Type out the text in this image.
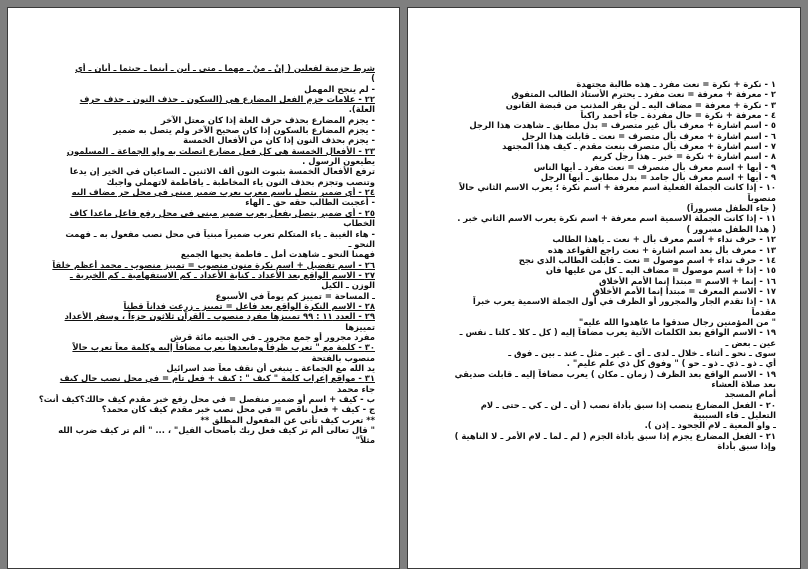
شرط جزمية لفعلين ( إنْ ـ منْ ـ مهما ـ متى ـ أين ـ أينما ـ حيثما ـ أيان ـ أي
)
- لم ينجح المهمل
٢٢ - علامات جزم الفعل المضارع هي (السكون ـ حذف النون ـ حذف حرف
العلة).
- يجزم المضارع بحذف حرف العلة إذا كان معتل الآخر
- يجزم المضارع بالسكون إذا كان صحيح الآخر ولم يتصل به ضمير
- يجزم بحذف النون إذا كان من الأفعال الخمسة
٢٣ - الأفعال الخمسة هي كل فعل مضارع اتصلت به واو الجماعة ـ المسلمون
يطيعون الرسول .
ترفع الأفعال الخمسة بثبوت النون ألف الاثنين ـ الساعيان في الخير إن يدعا
وتنصب وتجزم بحذف النون ياء المخاطبة ـ يافاطمة لاتهملي واجبك
٢٤ - أي ضمير يتصل باسم معرب يعرب ضمير مبني في محل جر مضاف اليه
- أعجبت الطالب حقه حق ـ الهاء
٢٥ - أي ضمير يتصل بفعل يعرب ضمير مبني في محل رفع فاعل ماعدا كاف
الخطاب
- هاء الغيبة ـ ياء المتكلم تعرب ضميراً مبنياً في محل نصب مفعول به ـ فهمت
النحو ـ
فهمنا النحو ـ شاهدت أمل ـ فاطمة يحبها الجميع
٢٦ - اسم تفضيل + اسم نكرة منون منصوب = تمييز منصوب ـ محمد أعظم خلقاً
٢٧ - الاسم الواقع بعد الأعداد ـ كناية الأعداد ـ كم الاستفهامية ـ كم الخبرية ـ
الوزن ـ الكيل
ـ المساحة = تمييز كم يوماً في الأسبوع
٢٨ - الاسم النكرة الواقع بعد فاعل = تمييز ـ زرعت فداناً قطناً
٢٩ - العدد ١١ : ٩٩ تمييزها مفرد منصوب ـ القرآن ثلاثون جزءاً ، وسفر الأعداد
تمييزها
مفرد مجرور أو جمع مجرور ـ في الجنيه مائة قرش
٣٠ - كلمة مع " تعرب ظرفاً ومابعدها يعرب مضافاً إليه وكلمة معاً تعرب حالاً
منصوب بالفتحة
يد الله مع الجماعة ـ ينبغي أن نقف معاً ضد اسرائيل
٣١ - مواقع إعراب كلمة " كيف " : كيف + فعل تام = في محل نصب حال كيف
جاء محمد
ب - كيف + اسم أو ضمير منفصل = في محل رفع خبر مقدم كيف حالك؟كيف أنت؟
ج - كيف + فعل ناقص = في محل نصب خبر مقدم كيف كان محمد؟
** تعرب كيف تأتي عن المفعول المطلق **
" قال تعالى ألم تر كيف فعل ربك بأصحاب الفيل" ، ... " ألم تر كيف ضرب الله
مثلاً"
١ - نكرة + نكرة = نعت مفرد ـ هذه طالبة مجتهدة
٢ - معرفة + معرفة = نعت مفرد ـ يحترم الأستاذ الطالب المتفوق
٣ - نكرة + معرفة = مضاف اليه ـ لن يفر المذنب من قبضة القانون
٤ - معرفة + نكرة = حال مفردة ـ جاء أحمد راكباً
٥ - اسم اشارة + معرف بأل غير متصرف = بدل مطابق ـ شاهدت هذا الرجل
٦ - اسم اشارة + معرف بأل متصرف = نعت ـ قابلت هذا الرجل
٧ - اسم اشارة + معرف بأل متصرف بنعت مقدم ـ كيف هذا المجتهد
٨ - اسم اشارة + نكرة = خبر ـ هذا رجل كريم
٩ - أيها + اسم معرف بأل منصرف = نعت مفرد ـ أيها الناس
٩ - أيها + اسم معرف بأل جامد = بدل مطابق ـ أيها الرجل
١٠ - إذا كانت الجملة الفعلية اسم معرفة + اسم نكرة ؛ يعرب الاسم الثاني حالاً
منصوباً
( جاء الطفل مسروراً)
١١ - إذا كانت الجملة الاسمية اسم معرفة + اسم نكرة يعرب الاسم الثاني خبر .
( هذا الطفل مسرور )
١٢ - حرف نداء + اسم معرف بأل + نعت ـ ياهذا الطالب
١٣ - معرف بأل بعد اسم اشارة + نعت راجع القواعد هذه
١٤ - حرف نداء + اسم موصول = نعت ـ قابلت الطالب الذي نجح
١٥ - إذا + اسم موصول = مضاف اليه ـ كل من عليها فان
١٦ - إنما + الاسم = مبتدأ إنما الأمم الأخلاق
١٧ - الاسم المعرف = مبتدأ إنما الأمم الأخلاق
١٨ - إذا تقدم الجار والمجرور أو الظرف في أول الجملة الاسمية يعرب خبراً
مقدماً
" من المؤمنين رجال صدقوا ما عاهدوا الله عليه"
١٩ - الاسم الواقع بعد الكلمات الآتية يعرب مضافاً إليه ( كل ـ كلا ـ كلتا ـ نفس ـ
عين ـ بعض ـ
سوى ـ نحو ـ أثناء ـ خلال ـ لدى ـ أي ـ غير ـ مثل ـ عند ـ بين ـ فوق ـ
أي ـ ذو ـ ذي ـ ذو ـ حو ) " وفوق كل ذي علم عليم" .
١٩ - الاسم الواقع بعد الظرف ( زمان ـ مكان ) يعرب مضافاً إليه ـ قابلت صديقي
بعد صلاة العشاء
أمام المسجد
٢٠ - الفعل المضارع ينصب إذا سبق بأداة نصب ( أن ـ لن ـ كي ـ حتى ـ لام
التعليل ـ فاء السببية
ـ واو المعية ـ لام الجحود ـ إذن ).
٢١ - الفعل المضارع يجزم إذا سبق بأداة الجزم ( لم ـ لما ـ لام الأمر ـ لا الناهية )
وإذا سبق بأداة
